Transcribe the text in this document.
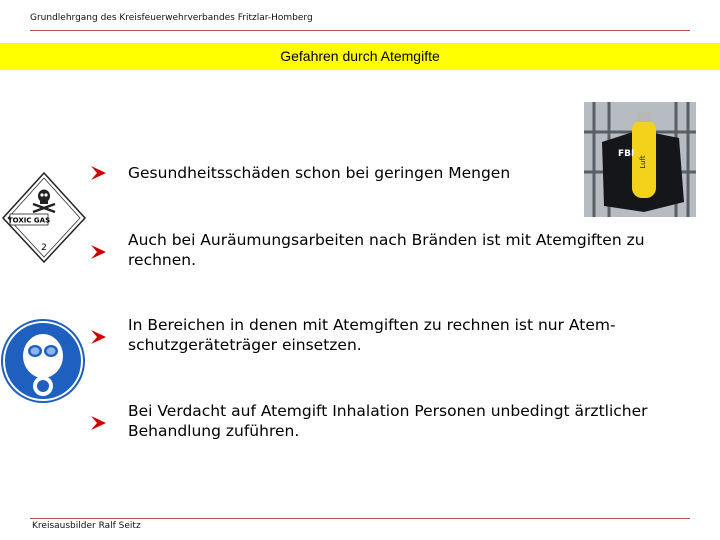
Grundlehrgang des Kreisfeuerwehrverbandes Fritzlar-Homberg
Gefahren durch Atemgifte
TOXIC GAS
2
Luft
FBI
Gesundheitsschäden schon bei geringen Mengen
Auch bei Auräumungsarbeiten nach Bränden ist mit Atemgiften zu rechnen.
In Bereichen in denen mit Atemgiften zu rechnen ist nur Atem-schutzgeräteträger einsetzen.
Bei Verdacht auf Atemgift Inhalation Personen unbedingt ärztlicher Behandlung zuführen.
Kreisausbilder Ralf Seitz
